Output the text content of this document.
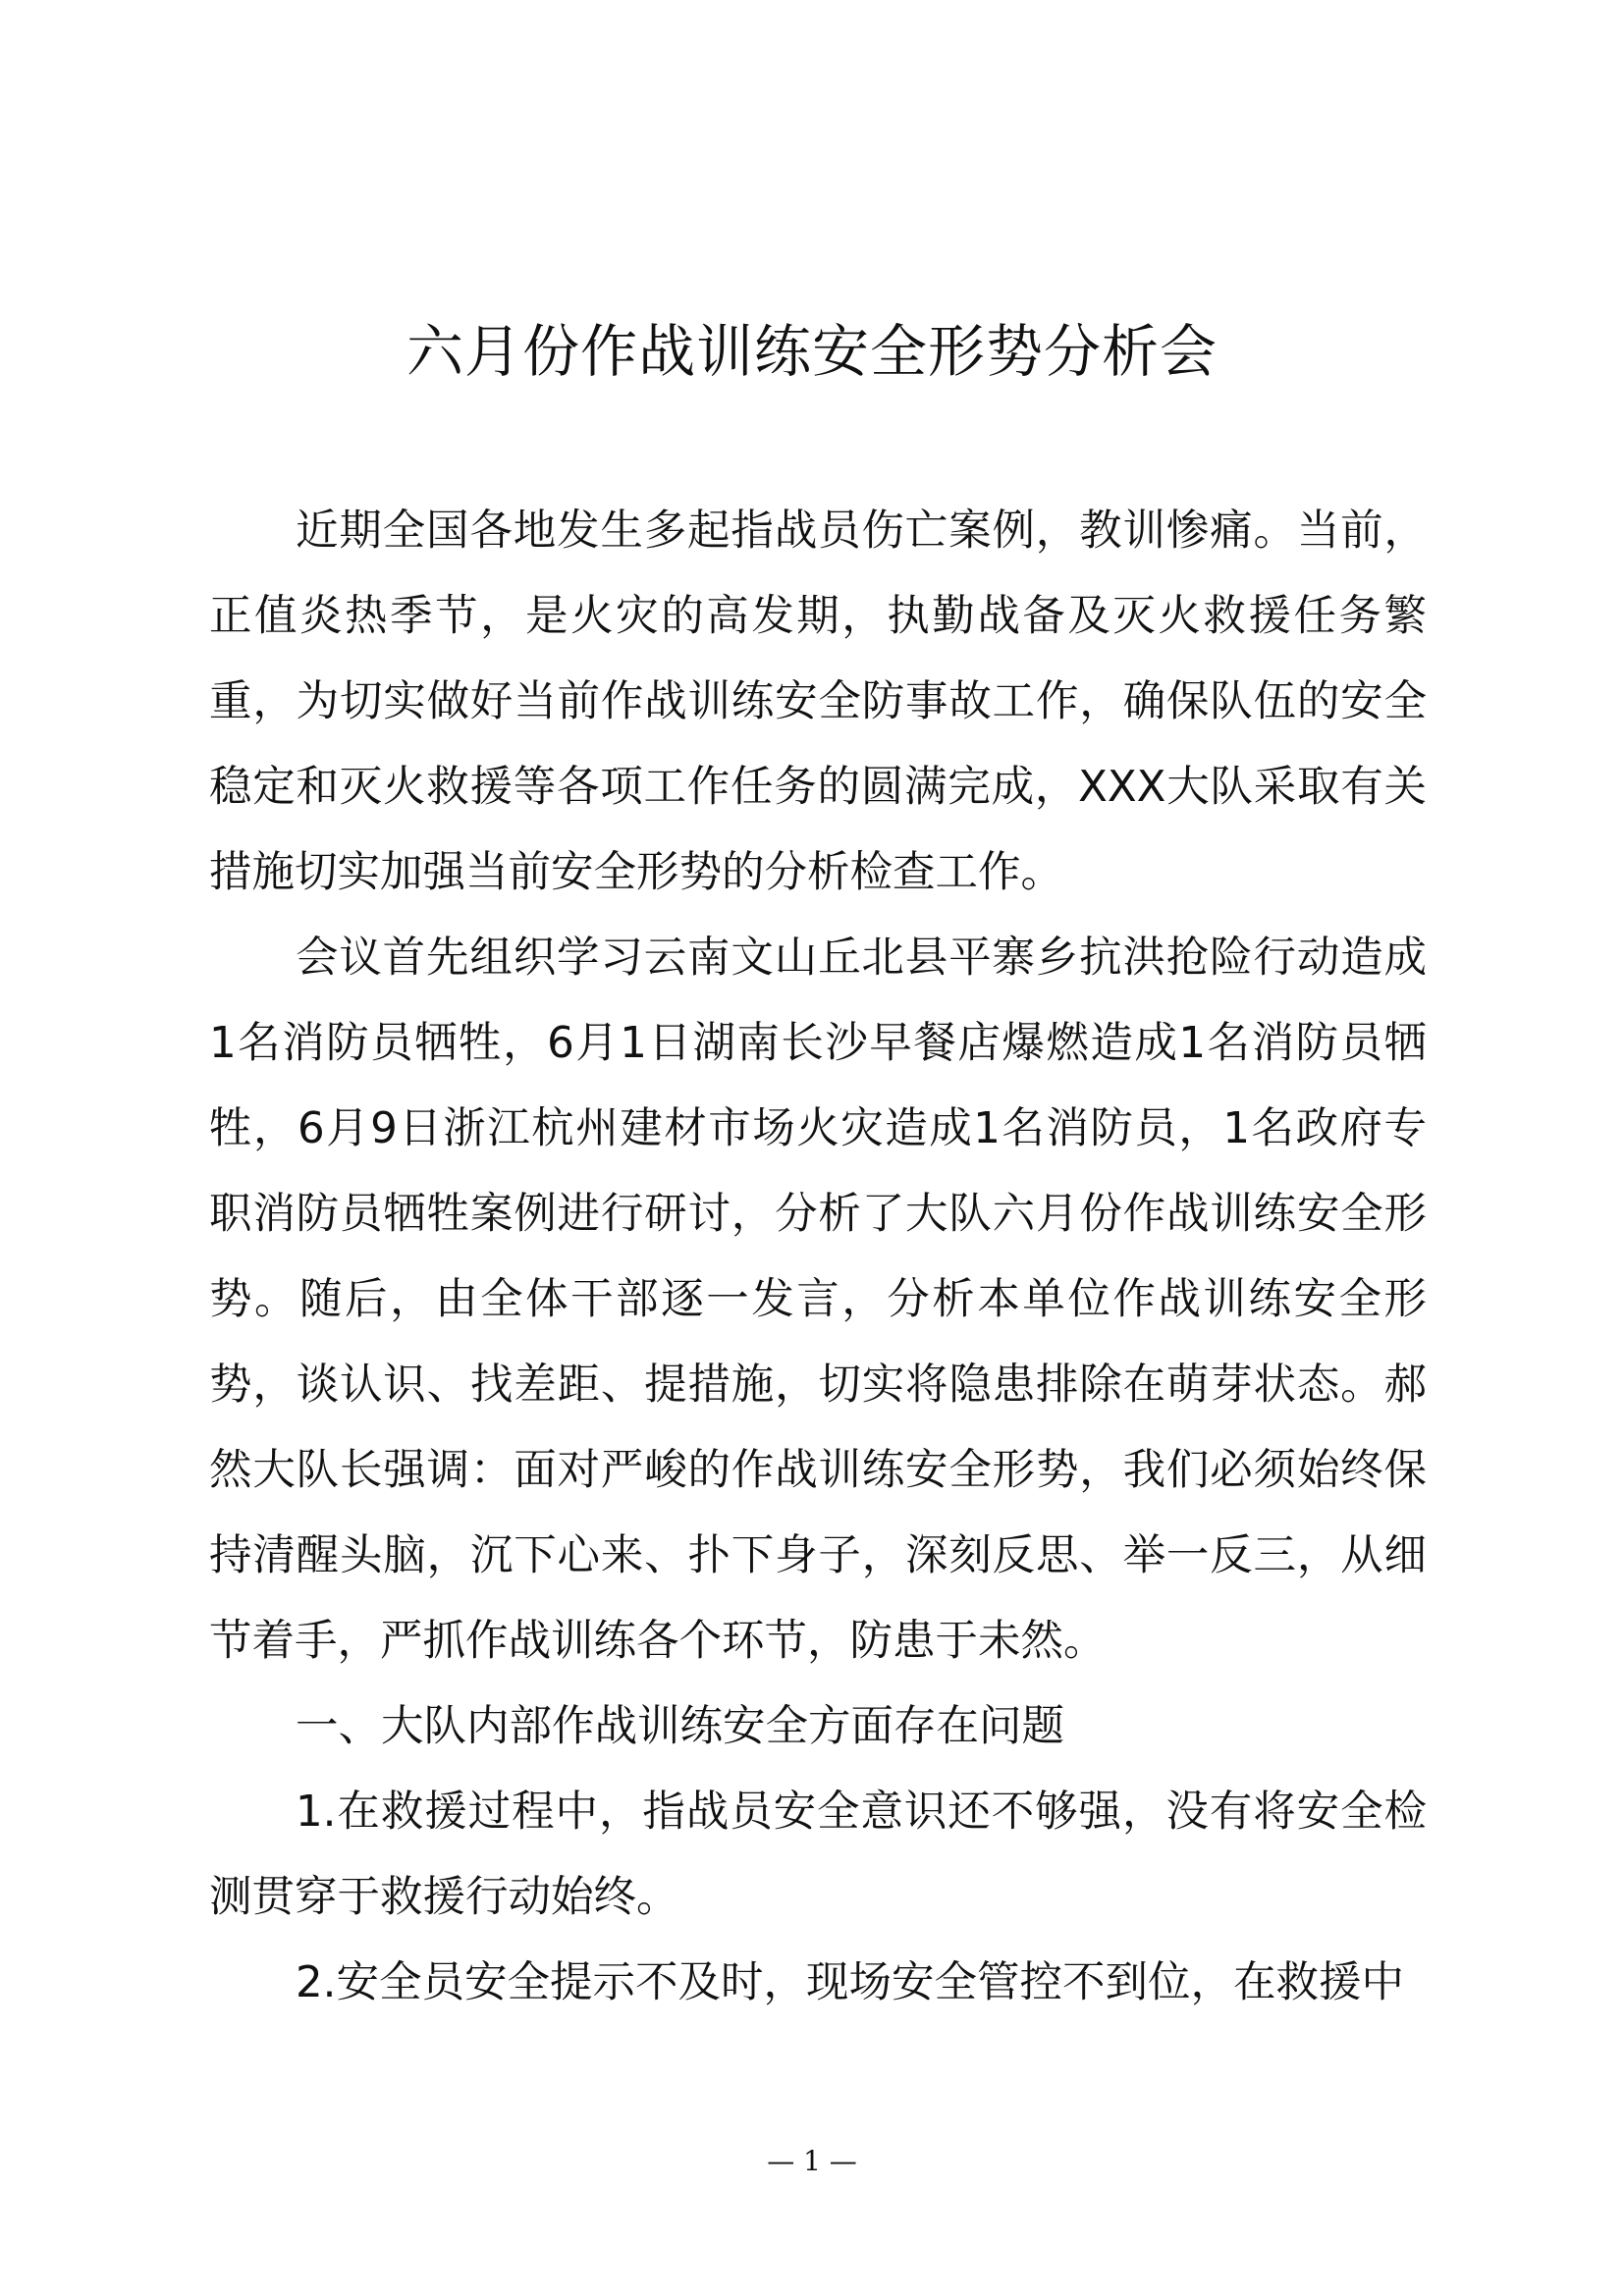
六月份作战训练安全形势分析会

近期全国各地发生多起指战员伤亡案例，教训惨痛。当前，正值炎热季节，是火灾的高发期，执勤战备及灭火救援任务繁重，为切实做好当前作战训练安全防事故工作，确保队伍的安全稳定和灭火救援等各项工作任务的圆满完成，XXX大队采取有关措施切实加强当前安全形势的分析检查工作。

会议首先组织学习云南文山丘北县平寨乡抗洪抢险行动造成1名消防员牺牲，6月1日湖南长沙早餐店爆燃造成1名消防员牺牲，6月9日浙江杭州建材市场火灾造成1名消防员，1名政府专职消防员牺牲案例进行研讨，分析了大队六月份作战训练安全形势。随后，由全体干部逐一发言，分析本单位作战训练安全形势，谈认识、找差距、提措施，切实将隐患排除在萌芽状态。郝然大队长强调：面对严峻的作战训练安全形势，我们必须始终保持清醒头脑，沉下心来、扑下身子，深刻反思、举一反三，从细节着手，严抓作战训练各个环节，防患于未然。

一、大队内部作战训练安全方面存在问题

1.在救援过程中，指战员安全意识还不够强，没有将安全检测贯穿于救援行动始终。

2.安全员安全提示不及时，现场安全管控不到位，在救援中

— 1 —
